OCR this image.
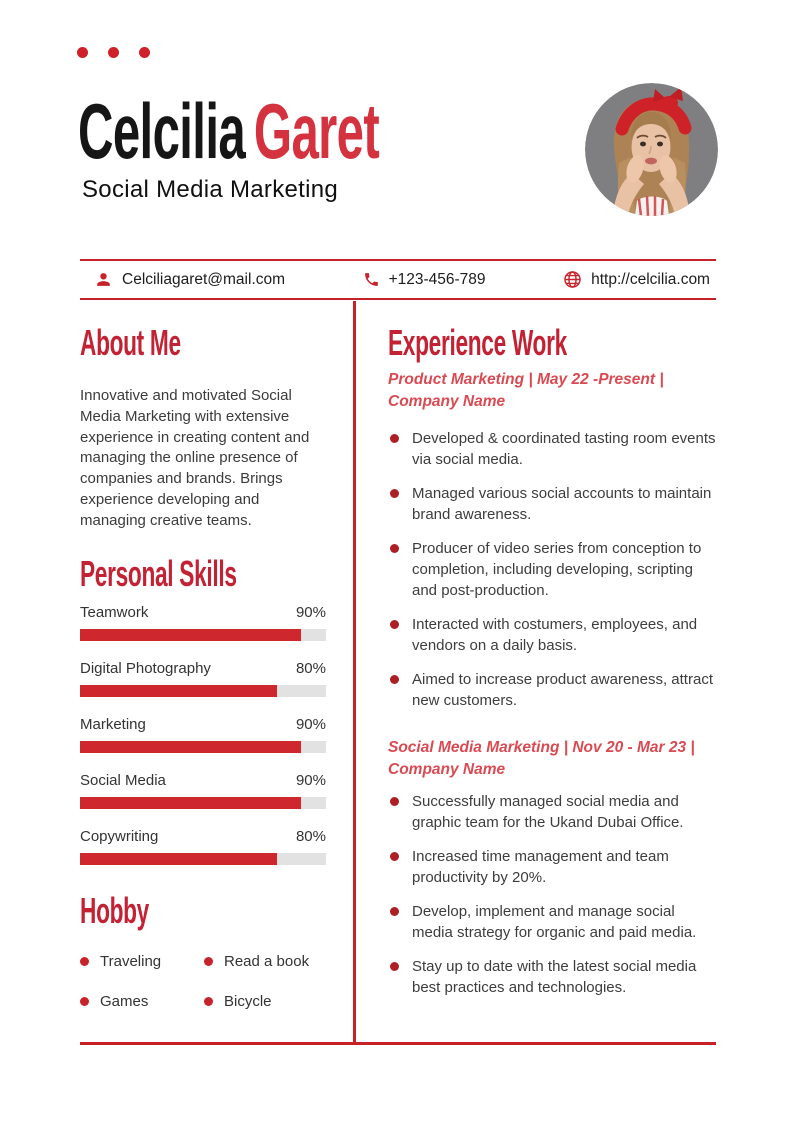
Celcilia Garet
Social Media Marketing
Celciliagaret@mail.com	+123-456-789	http://celcilia.com
About Me

Innovative and motivated Social Media Marketing with extensive experience in creating content and managing the online presence of companies and brands. Brings experience developing and managing creative teams.

Personal Skills
Teamwork	90%
Digital Photography	80%
Marketing	90%
Social Media	90%
Copywriting	80%
Hobby
Traveling	Read a book
Games	Bicycle
Experience Work
Product Marketing | May 22 -Present | Company Name
Developed & coordinated tasting room events via social media.
Managed various social accounts to maintain brand awareness.
Producer of video series from conception to completion, including developing, scripting and post-production.
Interacted with costumers, employees, and vendors on a daily basis.
Aimed to increase product awareness, attract new customers.
Social Media Marketing | Nov 20 - Mar 23 | Company Name
Successfully managed social media and graphic team for the Ukand Dubai Office.
Increased time management and team productivity by 20%.
Develop, implement and manage social media strategy for organic and paid media.
Stay up to date with the latest social media best practices and technologies.
